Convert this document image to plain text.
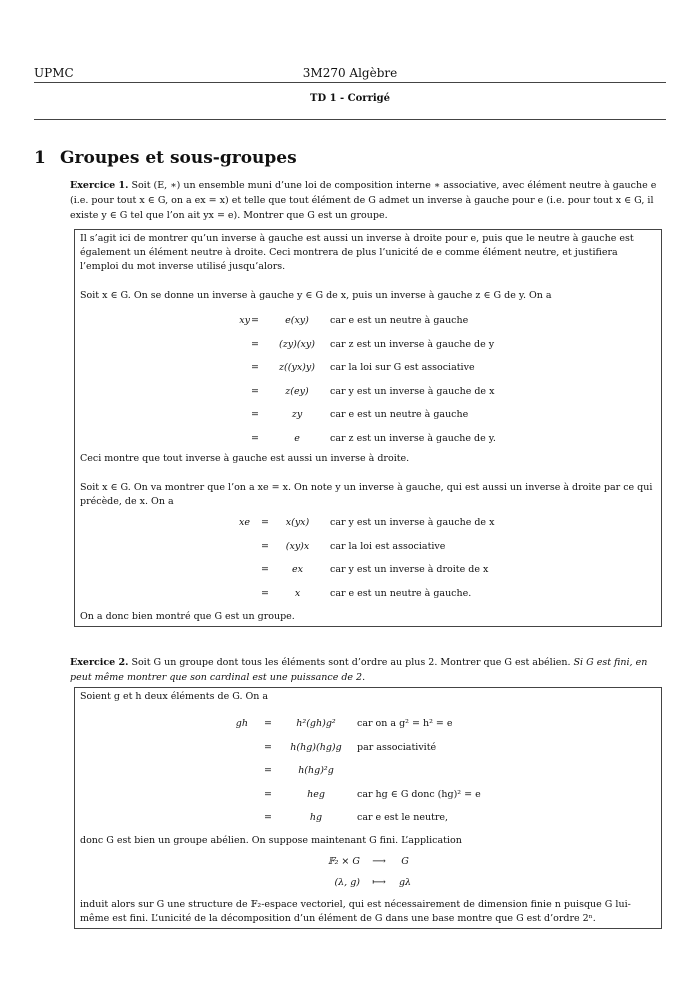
UPMC	3M270 Algèbre
TD 1 - Corrigé
1 Groupes et sous-groupes
Exercice 1. Soit (E, ∗) un ensemble muni d’une loi de composition interne ∗ associative, avec élément neutre à gauche e (i.e. pour tout x ∈ G, on a ex = x) et telle que tout élément de G admet un inverse à gauche pour e (i.e. pour tout x ∈ G, il existe y ∈ G tel que l’on ait yx = e). Montrer que G est un groupe.
Il s’agit ici de montrer qu’un inverse à gauche est aussi un inverse à droite pour e, puis que le neutre à gauche est également un élément neutre à droite. Ceci montrera de plus l’unicité de e comme élément neutre, et justifiera l’emploi du mot inverse utilisé jusqu’alors.
Soit x ∈ G. On se donne un inverse à gauche y ∈ G de x, puis un inverse à gauche z ∈ G de y. On a
xy =	e(xy)	car e est un neutre à gauche
=	(zy)(xy)	car z est un inverse à gauche de y
=	z((yx)y)	car la loi sur G est associative
=	z(ey)	car y est un inverse à gauche de x
=	zy	car e est un neutre à gauche
=	e	car z est un inverse à gauche de y.
Ceci montre que tout inverse à gauche est aussi un inverse à droite.
Soit x ∈ G. On va montrer que l’on a xe = x. On note y un inverse à gauche, qui est aussi un inverse à droite par ce qui précède, de x. On a
xe	=	x(yx)	car y est un inverse à gauche de x
=	(xy)x	car la loi est associative
=	ex	car y est un inverse à droite de x
=	x	car e est un neutre à gauche.
On a donc bien montré que G est un groupe.
Exercice 2. Soit G un groupe dont tous les éléments sont d’ordre au plus 2. Montrer que G est abélien. Si G est fini, en peut même montrer que son cardinal est une puissance de 2.
Soient g et h deux éléments de G. On a
gh	=	h²(gh)g²	car on a g² = h² = e
=	h(hg)(hg)g	par associativité
=	h(hg)²g
=	heg	car hg ∈ G donc (hg)² = e
=	hg	car e est le neutre,
donc G est bien un groupe abélien. On suppose maintenant G fini. L’application
𝔽₂ × G	⟶	G
(λ, g)	⟼	gλ
induit alors sur G une structure de 𝔽₂-espace vectoriel, qui est nécessairement de dimension finie n puisque G lui-même est fini. L’unicité de la décomposition d’un élément de G dans une base montre que G est d’ordre 2ⁿ.
